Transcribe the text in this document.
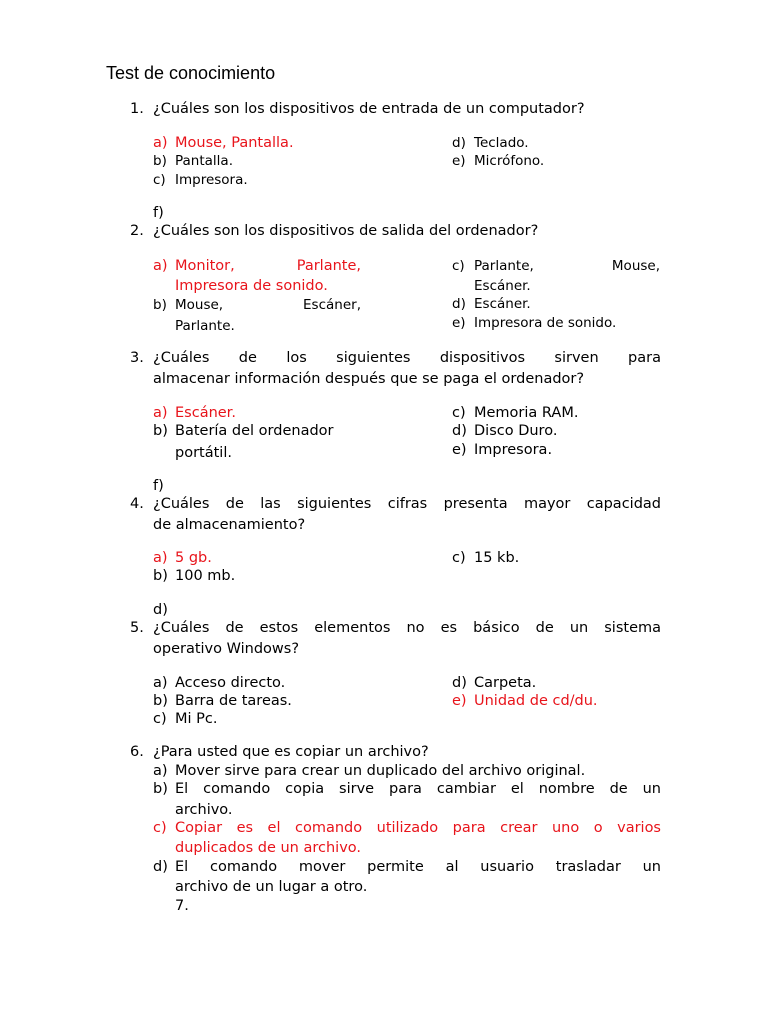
Test de conocimiento
1. ¿Cuáles son los dispositivos de entrada de un computador?
a) Mouse, Pantalla.
b) Pantalla.
c) Impresora.
d) Teclado.
e) Micrófono.
f)
2. ¿Cuáles son los dispositivos de salida del ordenador?
a) Monitor,	Parlante,
Impresora de sonido.
b) Mouse,	Escáner,
Parlante.
c) Parlante,	Mouse,
Escáner.
d) Escáner.
e) Impresora de sonido.
3. ¿Cuáles de los siguientes dispositivos sirven para
almacenar información después que se paga el ordenador?
a) Escáner.
b) Batería del ordenador
portátil.
c) Memoria RAM.
d) Disco Duro.
e) Impresora.
f)
4. ¿Cuáles de las siguientes cifras presenta mayor capacidad
de almacenamiento?
a) 5 gb.
b) 100 mb.
c) 15 kb.
d)
5. ¿Cuáles de estos elementos no es básico de un sistema
operativo Windows?
a) Acceso directo.
b) Barra de tareas.
c) Mi Pc.
d) Carpeta.
e) Unidad de cd/du.
6. ¿Para usted que es copiar un archivo?
a) Mover sirve para crear un duplicado del archivo original.
b) El comando copia sirve para cambiar el nombre de un
archivo.
c) Copiar es el comando utilizado para crear uno o varios
duplicados de un archivo.
d) El comando mover permite al usuario trasladar un
archivo de un lugar a otro.
7.
